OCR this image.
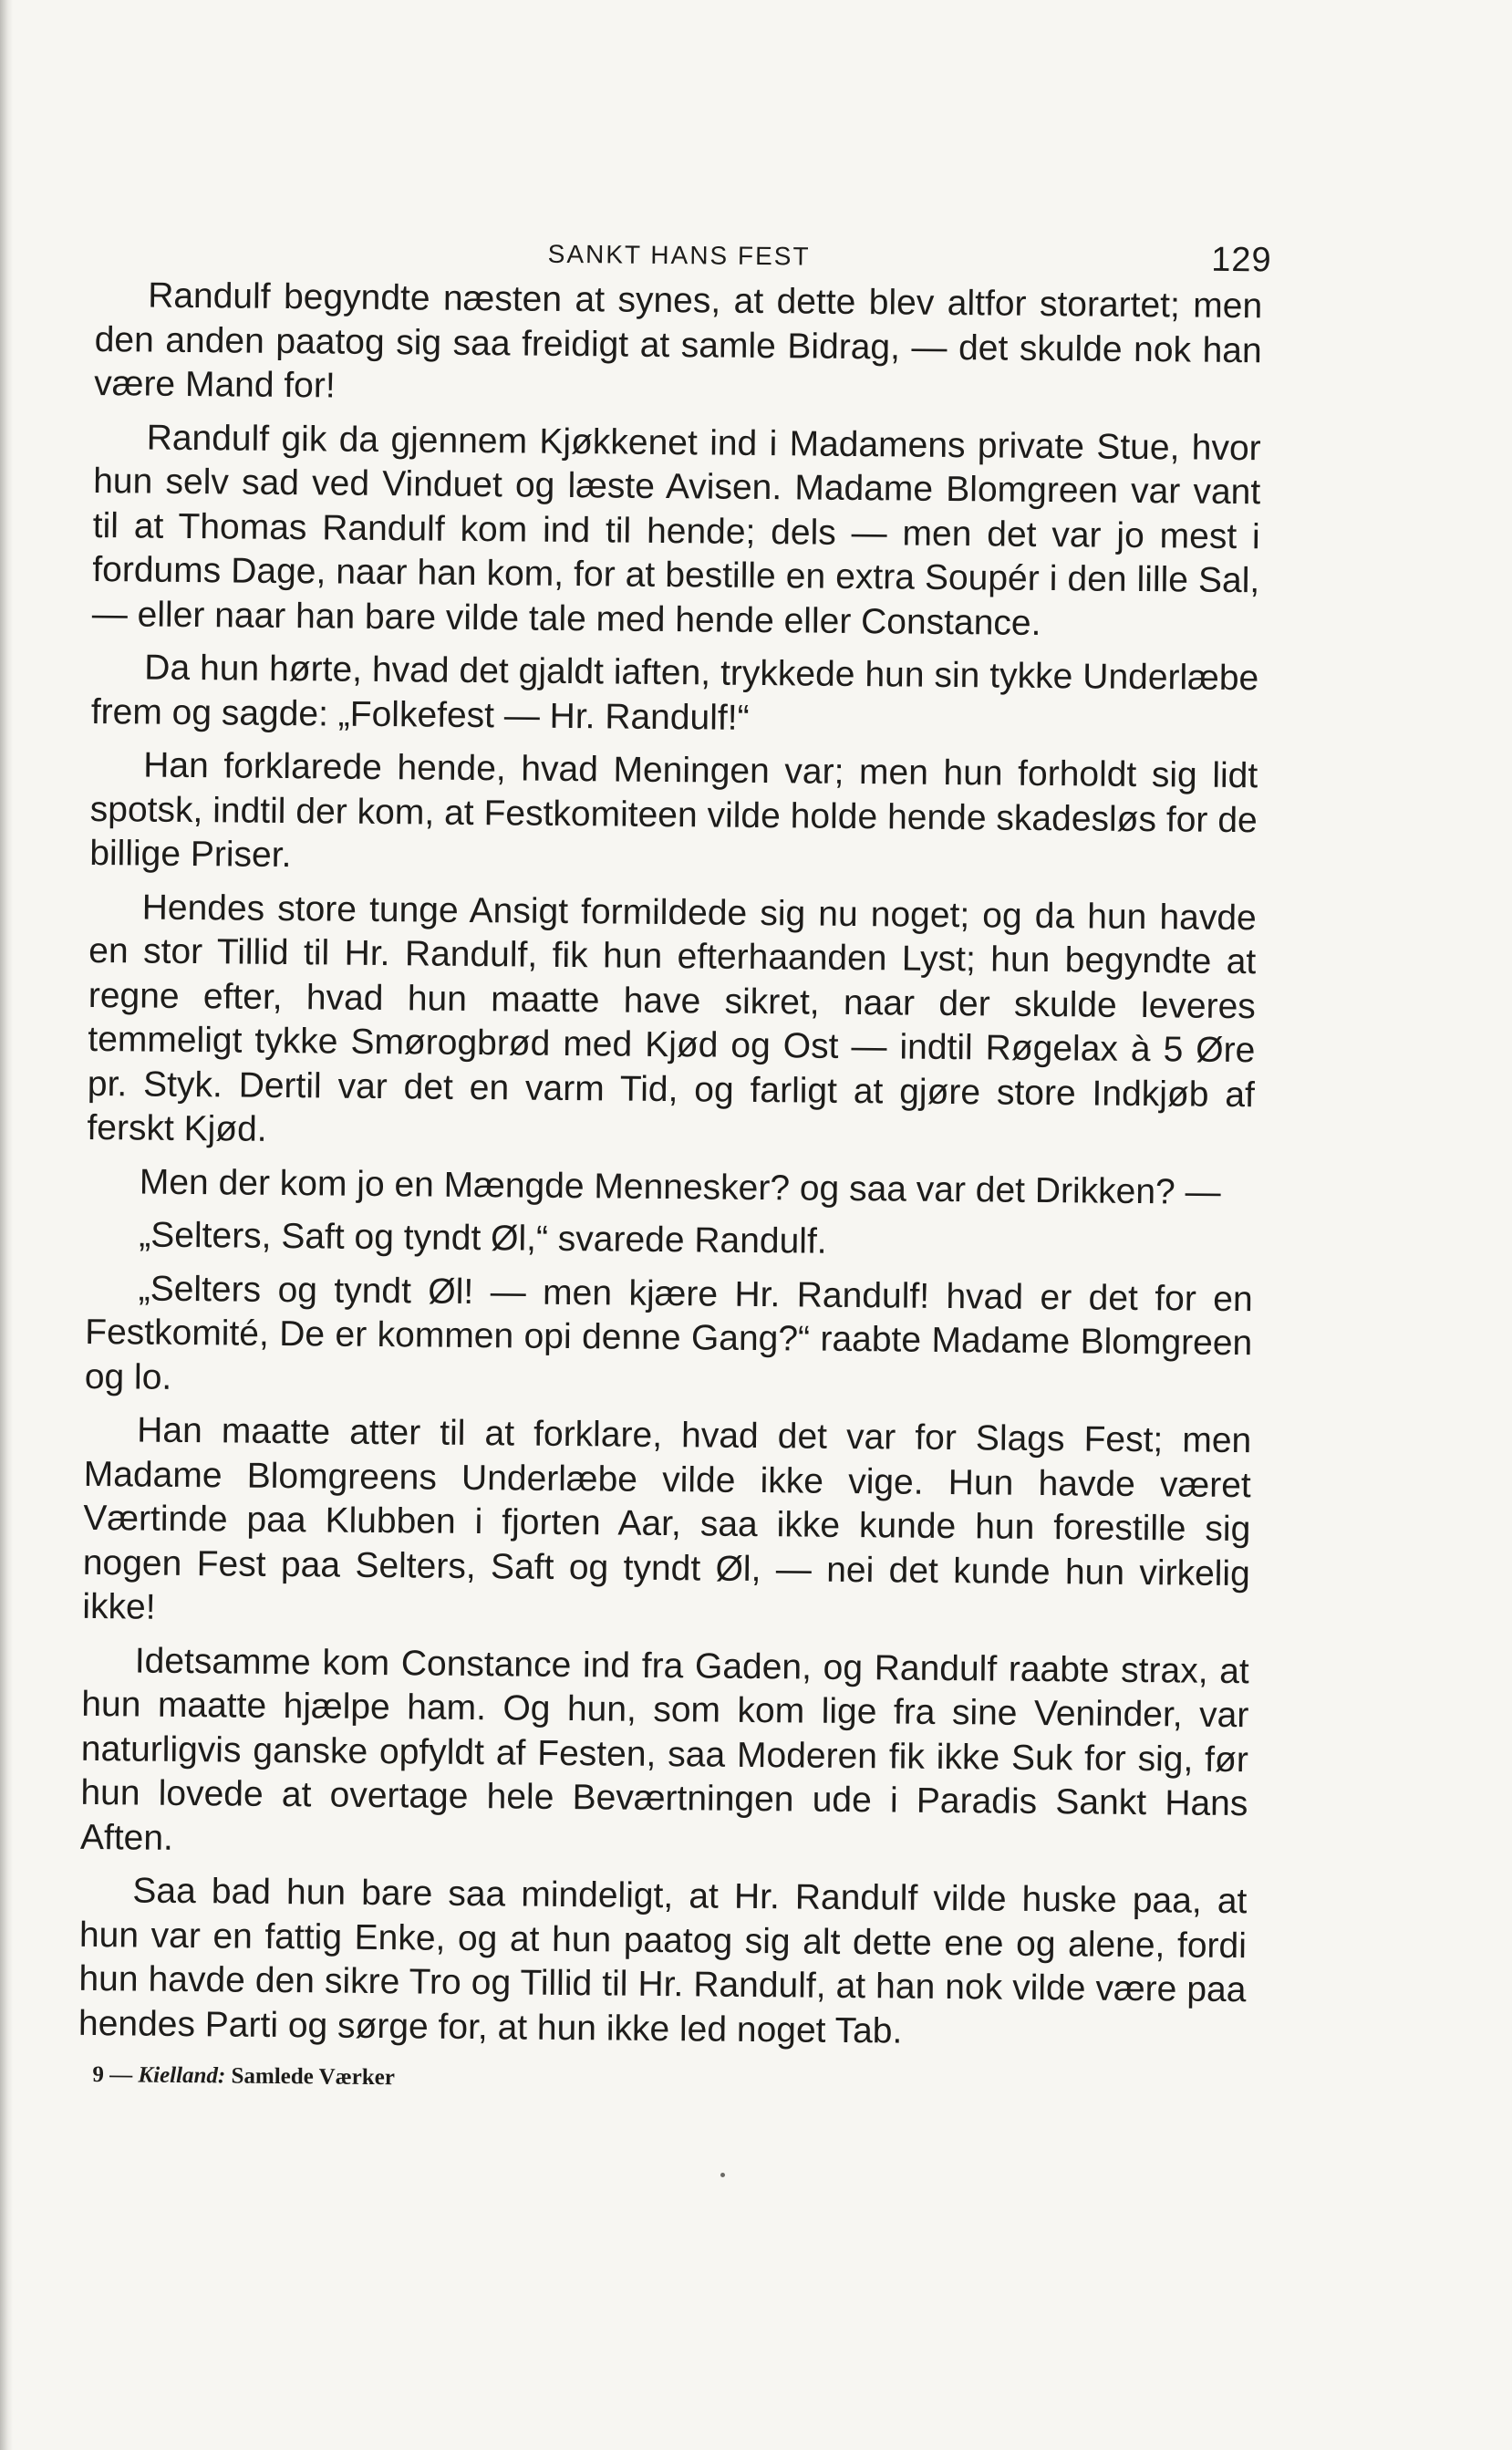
SANKT HANS FEST	129

Randulf begyndte næsten at synes, at dette blev altfor storartet; men den anden paatog sig saa freidigt at samle Bidrag, — det skulde nok han være Mand for!

Randulf gik da gjennem Kjøkkenet ind i Madamens private Stue, hvor hun selv sad ved Vinduet og læste Avisen. Madame Blomgreen var vant til at Thomas Randulf kom ind til hende; dels — men det var jo mest i fordums Dage, naar han kom, for at bestille en extra Soupér i den lille Sal, — eller naar han bare vilde tale med hende eller Constance.

Da hun hørte, hvad det gjaldt iaften, trykkede hun sin tykke Underlæbe frem og sagde: „Folkefest — Hr. Randulf!“

Han forklarede hende, hvad Meningen var; men hun forholdt sig lidt spotsk, indtil der kom, at Festkomiteen vilde holde hende skadesløs for de billige Priser.

Hendes store tunge Ansigt formildede sig nu noget; og da hun havde en stor Tillid til Hr. Randulf, fik hun efterhaanden Lyst; hun begyndte at regne efter, hvad hun maatte have sikret, naar der skulde leveres temmeligt tykke Smørogbrød med Kjød og Ost — indtil Røgelax à 5 Øre pr. Styk. Dertil var det en varm Tid, og farligt at gjøre store Indkjøb af ferskt Kjød.

Men der kom jo en Mængde Mennesker? og saa var det Drikken? —

„Selters, Saft og tyndt Øl,“ svarede Randulf.

„Selters og tyndt Øl! — men kjære Hr. Randulf! hvad er det for en Festkomité, De er kommen opi denne Gang?“ raabte Madame Blomgreen og lo.

Han maatte atter til at forklare, hvad det var for Slags Fest; men Madame Blomgreens Underlæbe vilde ikke vige. Hun havde været Værtinde paa Klubben i fjorten Aar, saa ikke kunde hun forestille sig nogen Fest paa Selters, Saft og tyndt Øl, — nei det kunde hun virkelig ikke!

Idetsamme kom Constance ind fra Gaden, og Randulf raabte strax, at hun maatte hjælpe ham. Og hun, som kom lige fra sine Veninder, var naturligvis ganske opfyldt af Festen, saa Moderen fik ikke Suk for sig, før hun lovede at overtage hele Beværtningen ude i Paradis Sankt Hans Aften.

Saa bad hun bare saa mindeligt, at Hr. Randulf vilde huske paa, at hun var en fattig Enke, og at hun paatog sig alt dette ene og alene, fordi hun havde den sikre Tro og Tillid til Hr. Randulf, at han nok vilde være paa hendes Parti og sørge for, at hun ikke led noget Tab.

9 — Kielland: Samlede Værker
